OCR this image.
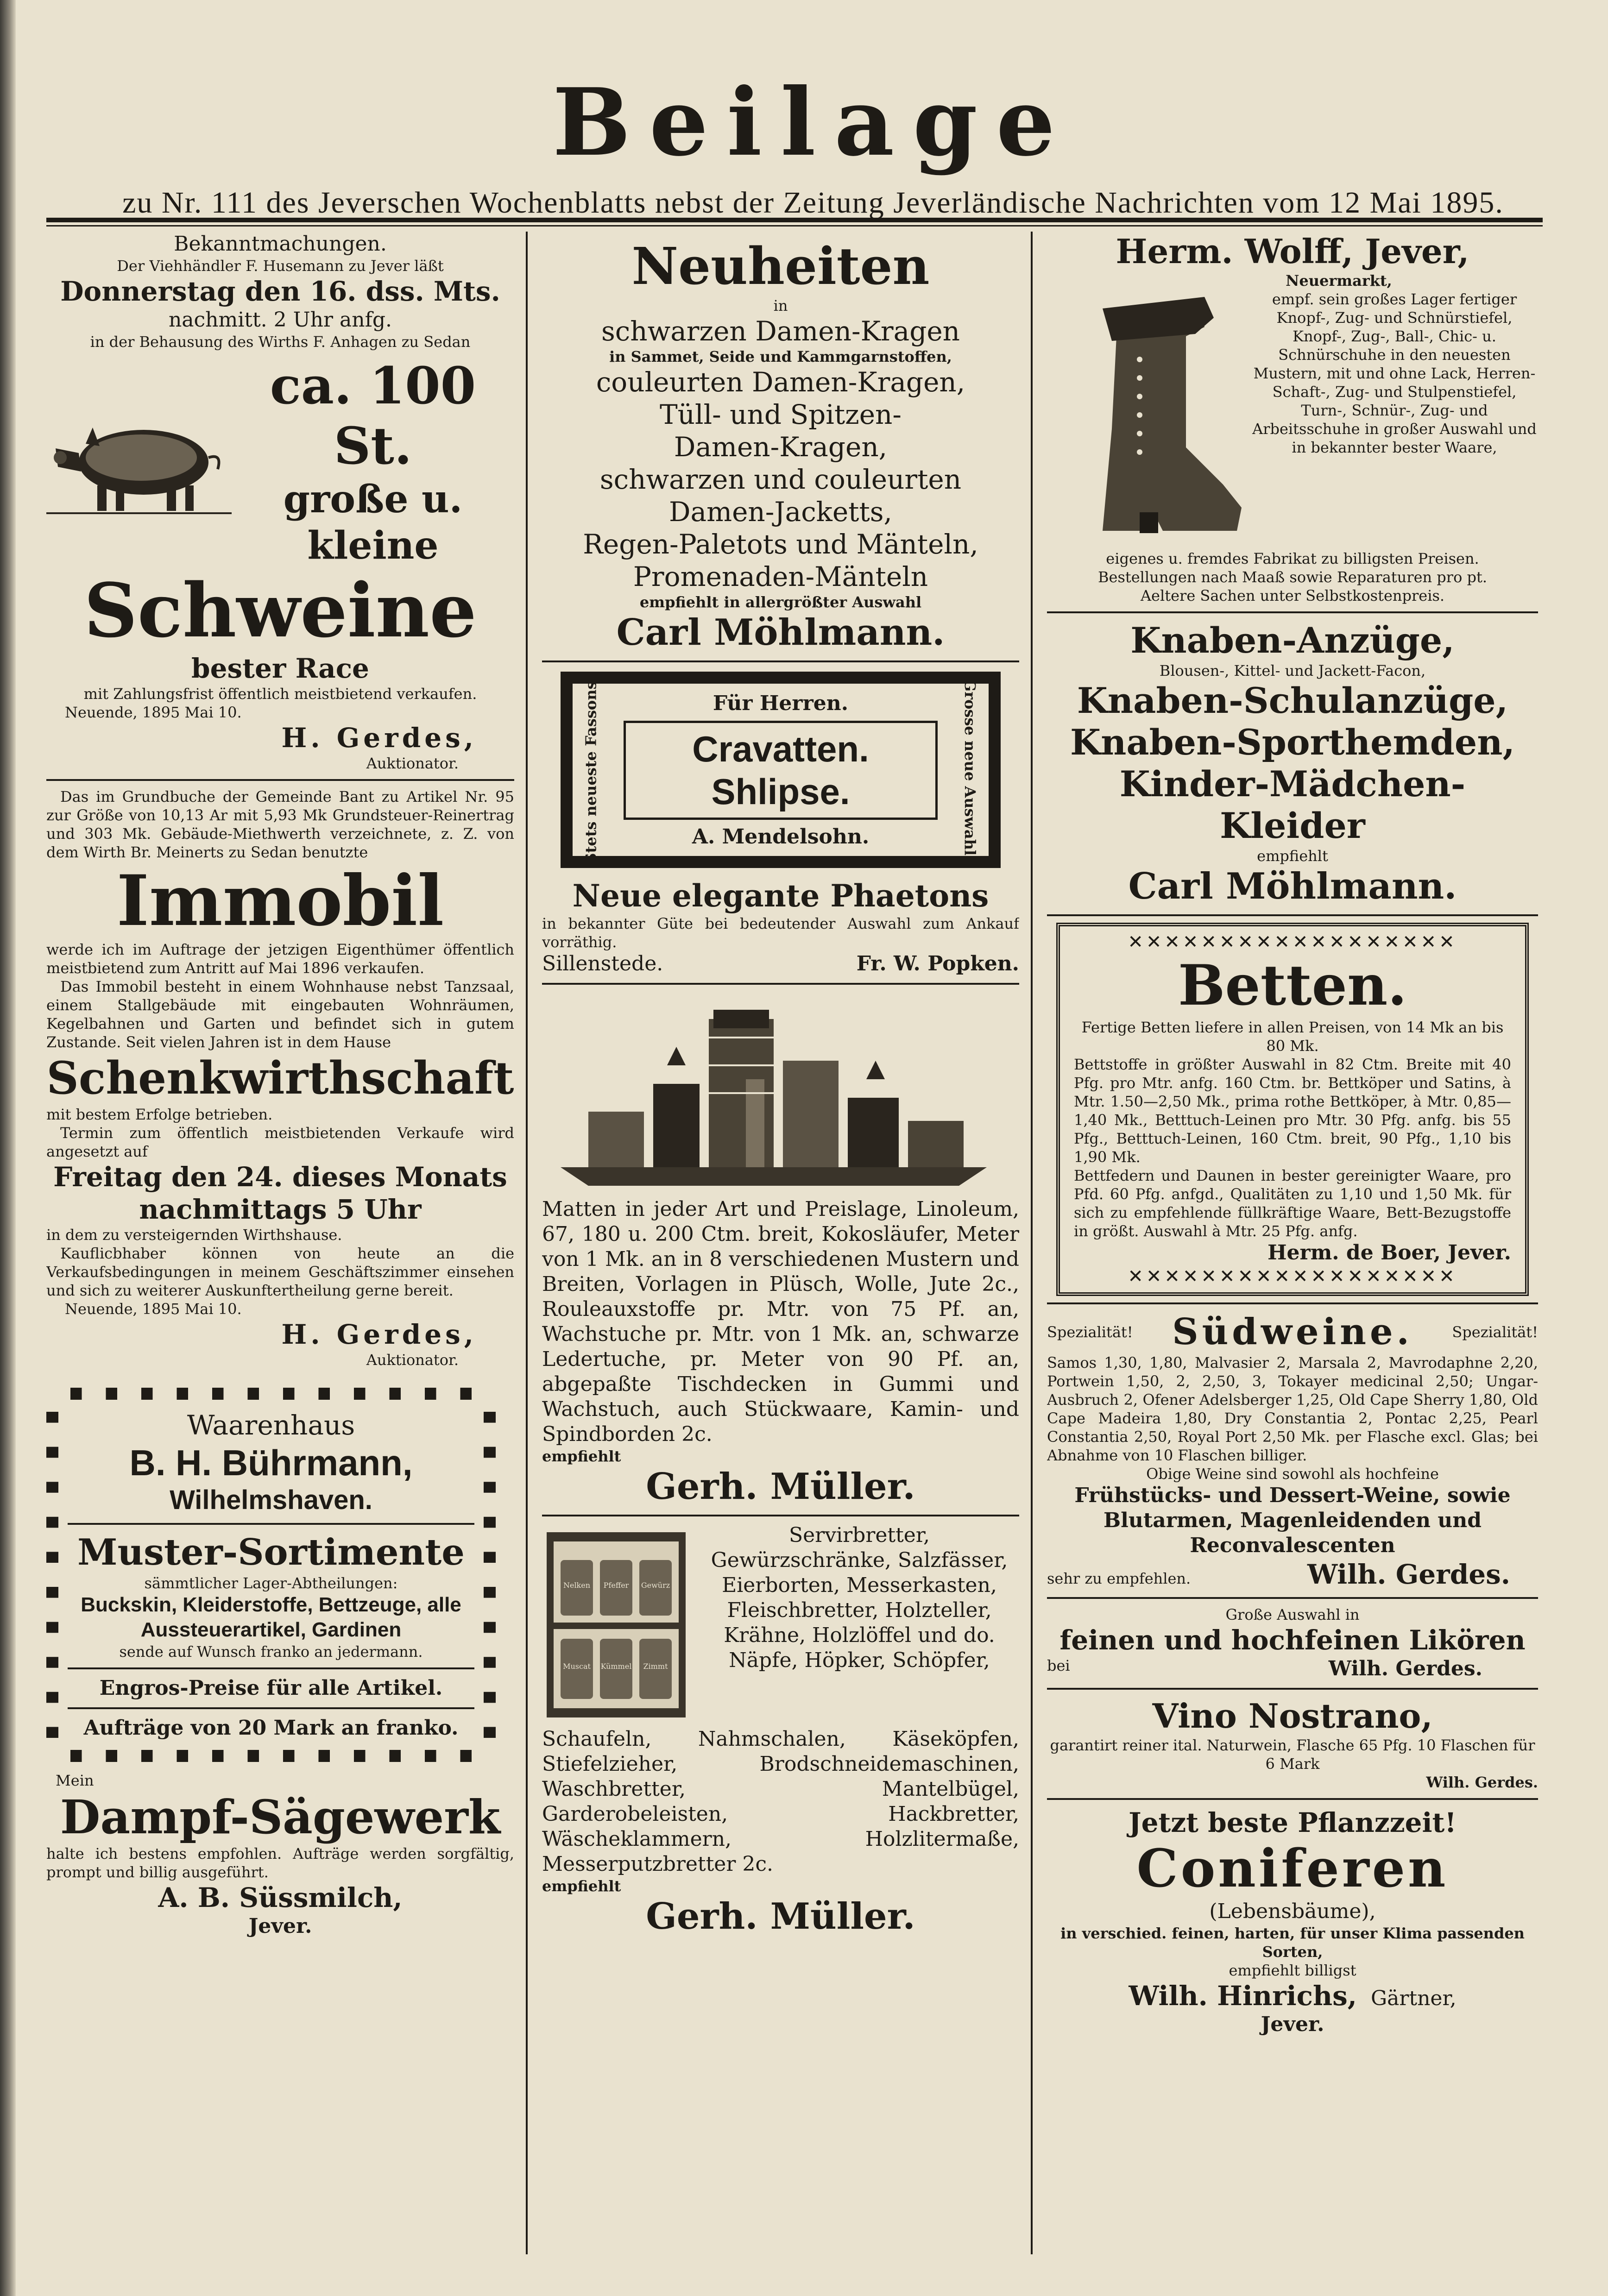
Beilage
zu Nr. 111 des Jeverschen Wochenblatts nebst der Zeitung Jeverländische Nachrichten vom 12 Mai 1895.

Bekanntmachungen.

Der Viehhändler F. Husemann zu Jever läßt

Donnerstag den 16. dss. Mts.

nachmitt. 2 Uhr anfg.

in der Behausung des Wirths F. Anhagen zu Sedan

ca. 100 St.

große u. kleine

Schweine

bester Race

mit Zahlungsfrist öffentlich meistbietend verkaufen.

Neuende, 1895 Mai 10.

H. Gerdes,

Auktionator.

Das im Grundbuche der Gemeinde Bant zu Artikel Nr. 95 zur Größe von 10,13 Ar mit 5,93 Mk Grundsteuer-Reinertrag und 303 Mk. Gebäude-Miethwerth verzeichnete, z. Z. von dem Wirth Br. Meinerts zu Sedan benutzte

Immobil

werde ich im Auftrage der jetzigen Eigenthümer öffentlich meistbietend zum Antritt auf Mai 1896 verkaufen.

Das Immobil besteht in einem Wohnhause nebst Tanzsaal, einem Stallgebäude mit eingebauten Wohnräumen, Kegelbahnen und Garten und befindet sich in gutem Zustande. Seit vielen Jahren ist in dem Hause

Schenkwirthschaft

mit bestem Erfolge betrieben.

Termin zum öffentlich meistbietenden Verkaufe wird angesetzt auf

Freitag den 24. dieses Monats

nachmittags 5 Uhr

in dem zu versteigernden Wirthshause.

Kauflicbhaber können von heute an die Verkaufsbedingungen in meinem Geschäftszimmer einsehen und sich zu weiterer Auskunftertheilung gerne bereit.

Neuende, 1895 Mai 10.

H. Gerdes,

Auktionator.

Waarenhaus

B. H. Bührmann,

Wilhelmshaven.

Muster-Sortimente

sämmtlicher Lager-Abtheilungen:

Buckskin, Kleiderstoffe, Bettzeuge, alle Aussteuerartikel, Gardinen

sende auf Wunsch franko an jedermann.

Engros-Preise für alle Artikel.

Aufträge von 20 Mark an franko.

Mein

Dampf-Sägewerk

halte ich bestens empfohlen. Aufträge werden sorgfältig, prompt und billig ausgeführt.

A. B. Süssmilch,

Jever.

Neuheiten

in

schwarzen Damen-Kragen

in Sammet, Seide und Kammgarnstoffen,

couleurten Damen-Kragen,

Tüll- und Spitzen-

Damen-Kragen,

schwarzen und couleurten

Damen-Jacketts,

Regen-Paletots und Mänteln,

Promenaden-Mänteln

empfiehlt in allergrößter Auswahl

Carl Möhlmann.

Für Herren.

Stets neueste Fassons.	Grosse neue Auswahl.

Cravatten.

Shlipse.

A. Mendelsohn.

Neue elegante Phaetons

in bekannter Güte bei bedeutender Auswahl zum Ankauf vorräthig.

Sillenstede.	Fr. W. Popken.

Matten in jeder Art und Preislage, Linoleum, 67, 180 u. 200 Ctm. breit, Kokosläufer, Meter von 1 Mk. an in 8 verschiedenen Mustern und Breiten, Vorlagen in Plüsch, Wolle, Jute 2c., Rouleauxstoffe pr. Mtr. von 75 Pf. an, Wachstuche pr. Mtr. von 1 Mk. an, schwarze Ledertuche, pr. Meter von 90 Pf. an, abgepaßte Tischdecken in Gummi und Wachstuch, auch Stückwaare, Kamin- und Spindborden 2c.

empfiehlt

Gerh. Müller.

Nelken Pfeffer Gewürz
Muscat Kümmel Zimmt

Servirbretter, Gewürzschränke, Salzfässer, Eierborten, Messerkasten, Fleischbretter, Holzteller, Krähne, Holzlöffel und do. Näpfe, Höpker, Schöpfer,

Schaufeln, Nahmschalen, Käseköpfen, Stiefelzieher, Brodschneidemaschinen, Waschbretter, Mantelbügel, Garderobeleisten, Hackbretter, Wäscheklammern, Holzlitermaße, Messerputzbretter 2c.

empfiehlt

Gerh. Müller.

Herm. Wolff, Jever,

Neuermarkt,

empf. sein großes Lager fertiger Knopf-, Zug- und Schnürstiefel, Knopf-, Zug-, Ball-, Chic- u. Schnürschuhe in den neuesten Mustern, mit und ohne Lack, Herren-Schaft-, Zug- und Stulpenstiefel, Turn-, Schnür-, Zug- und Arbeitsschuhe in großer Auswahl und in bekannter bester Waare,

eigenes u. fremdes Fabrikat zu billigsten Preisen.

Bestellungen nach Maaß sowie Reparaturen pro pt.

Aeltere Sachen unter Selbstkostenpreis.

Knaben-Anzüge,

Blousen-, Kittel- und Jackett-Facon,

Knaben-Schulanzüge,

Knaben-Sporthemden,

Kinder-Mädchen-Kleider

empfiehlt

Carl Möhlmann.

✕✕✕✕✕✕✕✕✕✕✕✕✕✕✕✕✕✕

Betten.

Fertige Betten liefere in allen Preisen, von 14 Mk an bis 80 Mk.

Bettstoffe in größter Auswahl in 82 Ctm. Breite mit 40 Pfg. pro Mtr. anfg. 160 Ctm. br. Bettköper und Satins, à Mtr. 1.50—2,50 Mk., prima rothe Bettköper, à Mtr. 0,85—1,40 Mk., Betttuch-Leinen pro Mtr. 30 Pfg. anfg. bis 55 Pfg., Betttuch-Leinen, 160 Ctm. breit, 90 Pfg., 1,10 bis 1,90 Mk.

Bettfedern und Daunen in bester gereinigter Waare, pro Pfd. 60 Pfg. anfgd., Qualitäten zu 1,10 und 1,50 Mk. für sich zu empfehlende füllkräftige Waare, Bett-Bezugstoffe in größt. Auswahl à Mtr. 25 Pfg. anfg.

Herm. de Boer, Jever.

✕✕✕✕✕✕✕✕✕✕✕✕✕✕✕✕✕✕

Spezialität! Südweine.	Spezialität!

Samos 1,30, 1,80, Malvasier 2, Marsala 2, Mavrodaphne 2,20, Portwein 1,50, 2, 2,50, 3, Tokayer medicinal 2,50; Ungar-Ausbruch 2, Ofener Adelsberger 1,25, Old Cape Sherry 1,80, Old Cape Madeira 1,80, Dry Constantia 2, Pontac 2,25, Pearl Constantia 2,50, Royal Port 2,50 Mk. per Flasche excl. Glas; bei Abnahme von 10 Flaschen billiger.

Obige Weine sind sowohl als hochfeine

Frühstücks- und Dessert-Weine, sowie Blutarmen, Magenleidenden und Reconvalescenten

sehr zu empfehlen.	Wilh. Gerdes.

Große Auswahl in

feinen und hochfeinen Likören

bei	Wilh. Gerdes.

Vino Nostrano,

garantirt reiner ital. Naturwein, Flasche 65 Pfg. 10 Flaschen für 6 Mark

Wilh. Gerdes.

Jetzt beste Pflanzzeit!

Coniferen

(Lebensbäume),

in verschied. feinen, harten, für unser Klima passenden Sorten,

empfiehlt billigst

Wilh. Hinrichs, Gärtner,

Jever.
